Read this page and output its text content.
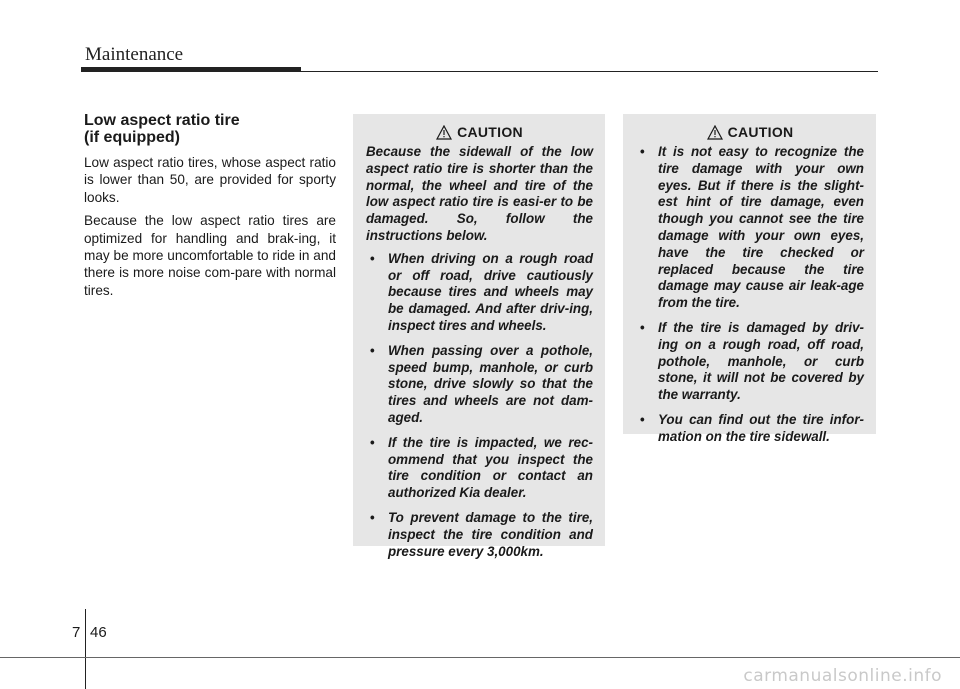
Maintenance
Low aspect ratio tire
(if equipped)

Low aspect ratio tires, whose aspect ratio is lower than 50, are provided for sporty looks.

Because the low aspect ratio tires are optimized for handling and brak-ing, it may be more uncomfortable to ride in and there is more noise com-pare with normal tires.

CAUTION

Because the sidewall of the low aspect ratio tire is shorter than the normal, the wheel and tire of the low aspect ratio tire is easi-er to be damaged. So, follow the instructions below.

• When driving on a rough road or off road, drive cautiously because tires and wheels may be damaged. And after driv-ing, inspect tires and wheels.
• When passing over a pothole, speed bump, manhole, or curb stone, drive slowly so that the tires and wheels are not dam-aged.
• If the tire is impacted, we rec-ommend that you inspect the tire condition or contact an authorized Kia dealer.
• To prevent damage to the tire, inspect the tire condition and pressure every 3,000km.
CAUTION
• It is not easy to recognize the tire damage with your own eyes. But if there is the slight-est hint of tire damage, even though you cannot see the tire damage with your own eyes, have the tire checked or replaced because the tire damage may cause air leak-age from the tire.
• If the tire is damaged by driv-ing on a rough road, off road, pothole, manhole, or curb stone, it will not be covered by the warranty.
• You can find out the tire infor-mation on the tire sidewall.
7 46
carmanualsonline.info
